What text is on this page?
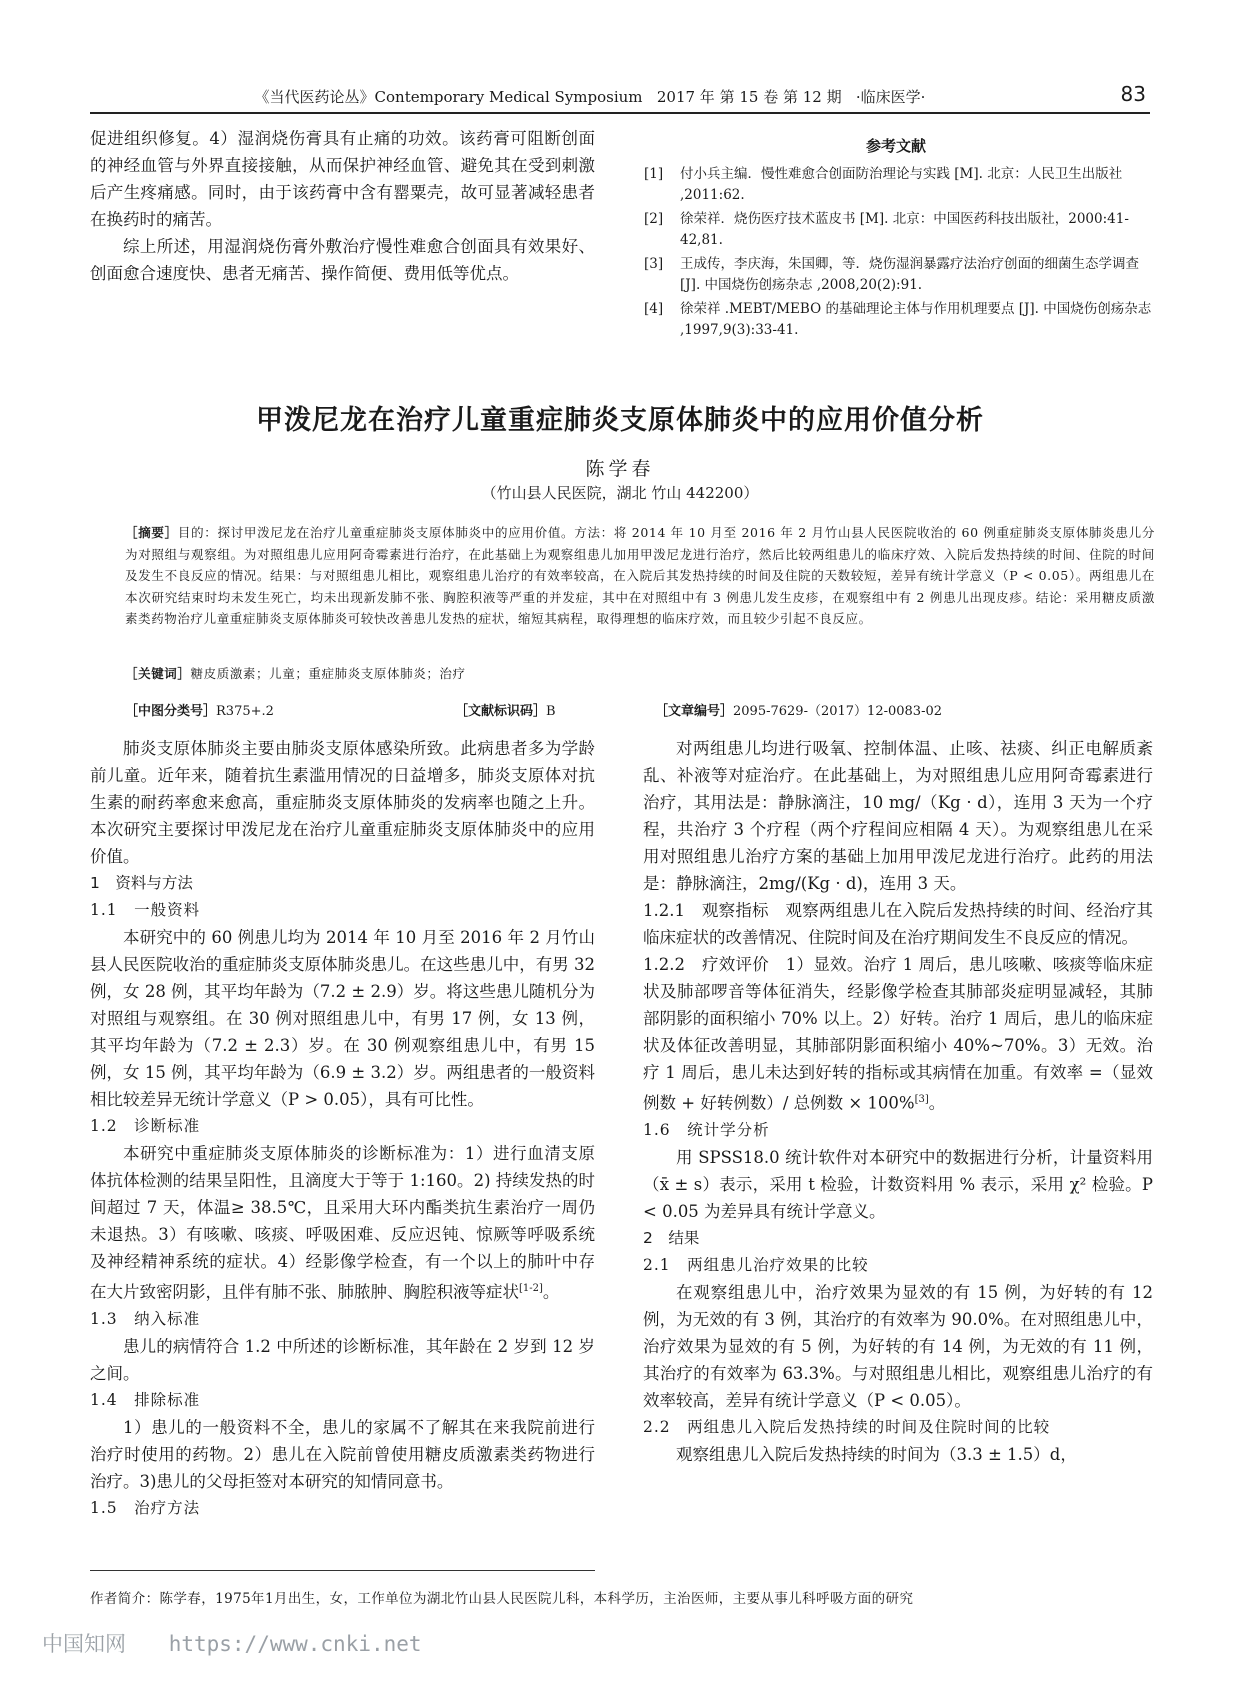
《当代医药论丛》Contemporary Medical Symposium 2017 年 第 15 卷 第 12 期 ·临床医学·	83

促进组织修复。4）湿润烧伤膏具有止痛的功效。该药膏可阻断创面的神经血管与外界直接接触，从而保护神经血管、避免其在受到刺激后产生疼痛感。同时，由于该药膏中含有罂粟壳，故可显著减轻患者在换药时的痛苦。

综上所述，用湿润烧伤膏外敷治疗慢性难愈合创面具有效果好、创面愈合速度快、患者无痛苦、操作简便、费用低等优点。

参考文献
[1] 付小兵主编．慢性难愈合创面防治理论与实践 [M]. 北京：人民卫生出版社 ,2011:62.
[2] 徐荣祥．烧伤医疗技术蓝皮书 [M]. 北京：中国医药科技出版社，2000:41-42,81.
[3] 王成传，李庆海，朱国卿，等．烧伤湿润暴露疗法治疗创面的细菌生态学调查 [J]. 中国烧伤创疡杂志 ,2008,20(2):91.
[4] 徐荣祥 .MEBT/MEBO 的基础理论主体与作用机理要点 [J]. 中国烧伤创疡杂志 ,1997,9(3):33-41.
甲泼尼龙在治疗儿童重症肺炎支原体肺炎中的应用价值分析
陈学春
（竹山县人民医院，湖北 竹山 442200）
［摘要］目的：探讨甲泼尼龙在治疗儿童重症肺炎支原体肺炎中的应用价值。方法：将 2014 年 10 月至 2016 年 2 月竹山县人民医院收治的 60 例重症肺炎支原体肺炎患儿分为对照组与观察组。为对照组患儿应用阿奇霉素进行治疗，在此基础上为观察组患儿加用甲泼尼龙进行治疗，然后比较两组患儿的临床疗效、入院后发热持续的时间、住院的时间及发生不良反应的情况。结果：与对照组患儿相比，观察组患儿治疗的有效率较高，在入院后其发热持续的时间及住院的天数较短，差异有统计学意义（P < 0.05）。两组患儿在本次研究结束时均未发生死亡，均未出现新发肺不张、胸腔积液等严重的并发症，其中在对照组中有 3 例患儿发生皮疹，在观察组中有 2 例患儿出现皮疹。结论：采用糖皮质激素类药物治疗儿童重症肺炎支原体肺炎可较快改善患儿发热的症状，缩短其病程，取得理想的临床疗效，而且较少引起不良反应。
［关键词］糖皮质激素；儿童；重症肺炎支原体肺炎；治疗
［中图分类号］R375+.2	［文献标识码］B	［文章编号］2095-7629-（2017）12-0083-02

肺炎支原体肺炎主要由肺炎支原体感染所致。此病患者多为学龄前儿童。近年来，随着抗生素滥用情况的日益增多，肺炎支原体对抗生素的耐药率愈来愈高，重症肺炎支原体肺炎的发病率也随之上升。本次研究主要探讨甲泼尼龙在治疗儿童重症肺炎支原体肺炎中的应用价值。

1　资料与方法
1.1　一般资料

本研究中的 60 例患儿均为 2014 年 10 月至 2016 年 2 月竹山县人民医院收治的重症肺炎支原体肺炎患儿。在这些患儿中，有男 32 例，女 28 例，其平均年龄为（7.2 ± 2.9）岁。将这些患儿随机分为对照组与观察组。在 30 例对照组患儿中，有男 17 例，女 13 例，其平均年龄为（7.2 ± 2.3）岁。在 30 例观察组患儿中，有男 15 例，女 15 例，其平均年龄为（6.9 ± 3.2）岁。两组患者的一般资料相比较差异无统计学意义（P > 0.05），具有可比性。

1.2　诊断标准

本研究中重症肺炎支原体肺炎的诊断标准为：1）进行血清支原体抗体检测的结果呈阳性，且滴度大于等于 1:160。2) 持续发热的时间超过 7 天，体温≥ 38.5℃，且采用大环内酯类抗生素治疗一周仍未退热。3）有咳嗽、咳痰、呼吸困难、反应迟钝、惊厥等呼吸系统及神经精神系统的症状。4）经影像学检查，有一个以上的肺叶中存在大片致密阴影，且伴有肺不张、肺脓肿、胸腔积液等症状[1-2]。

1.3　纳入标准

患儿的病情符合 1.2 中所述的诊断标准，其年龄在 2 岁到 12 岁之间。

1.4　排除标准

1）患儿的一般资料不全，患儿的家属不了解其在来我院前进行治疗时使用的药物。2）患儿在入院前曾使用糖皮质激素类药物进行治疗。3)患儿的父母拒签对本研究的知情同意书。

1.5　治疗方法

对两组患儿均进行吸氧、控制体温、止咳、祛痰、纠正电解质紊乱、补液等对症治疗。在此基础上，为对照组患儿应用阿奇霉素进行治疗，其用法是：静脉滴注，10 mg/（Kg · d），连用 3 天为一个疗程，共治疗 3 个疗程（两个疗程间应相隔 4 天）。为观察组患儿在采用对照组患儿治疗方案的基础上加用甲泼尼龙进行治疗。此药的用法是：静脉滴注，2mg/(Kg · d)，连用 3 天。

1.2.1　观察指标　观察两组患儿在入院后发热持续的时间、经治疗其临床症状的改善情况、住院时间及在治疗期间发生不良反应的情况。

1.2.2　疗效评价　1）显效。治疗 1 周后，患儿咳嗽、咳痰等临床症状及肺部啰音等体征消失，经影像学检查其肺部炎症明显减轻，其肺部阴影的面积缩小 70% 以上。2）好转。治疗 1 周后，患儿的临床症状及体征改善明显，其肺部阴影面积缩小 40%~70%。3）无效。治疗 1 周后，患儿未达到好转的指标或其病情在加重。有效率 =（显效例数 + 好转例数）/ 总例数 × 100%[3]。

1.6　统计学分析

用 SPSS18.0 统计软件对本研究中的数据进行分析，计量资料用（x̄ ± s）表示，采用 t 检验，计数资料用 % 表示，采用 χ² 检验。P < 0.05 为差异具有统计学意义。

2　结果
2.1　两组患儿治疗效果的比较

在观察组患儿中，治疗效果为显效的有 15 例，为好转的有 12 例，为无效的有 3 例，其治疗的有效率为 90.0%。在对照组患儿中，治疗效果为显效的有 5 例，为好转的有 14 例，为无效的有 11 例，其治疗的有效率为 63.3%。与对照组患儿相比，观察组患儿治疗的有效率较高，差异有统计学意义（P < 0.05）。

2.2　两组患儿入院后发热持续的时间及住院时间的比较

观察组患儿入院后发热持续的时间为（3.3 ± 1.5）d，

作者简介：陈学春，1975年1月出生，女，工作单位为湖北竹山县人民医院儿科，本科学历，主治医师，主要从事儿科呼吸方面的研究
中国知网 https://www.cnki.net
